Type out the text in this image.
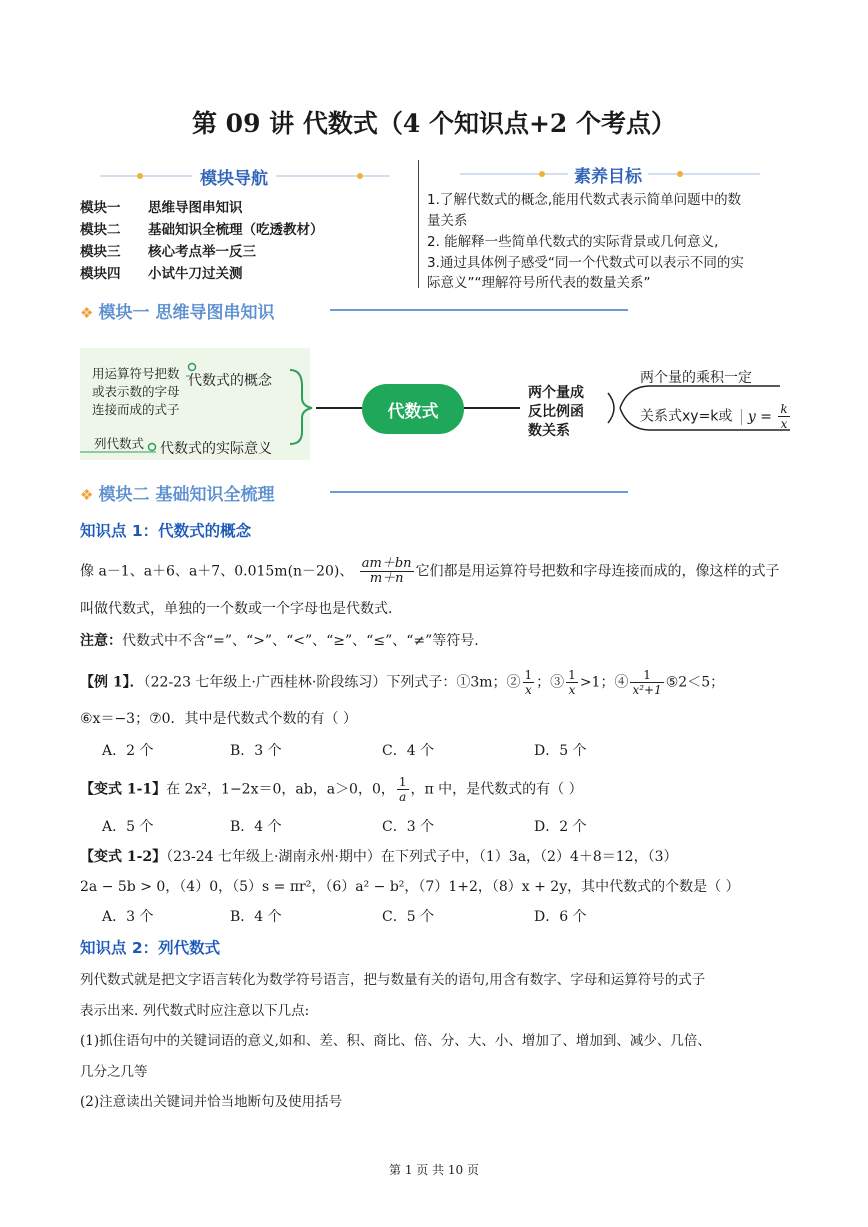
第 09 讲 代数式（4 个知识点+2 个考点）
模块导航
模块一 思维导图串知识
模块二 基础知识全梳理（吃透教材）
模块三 核心考点举一反三
模块四 小试牛刀过关测
素养目标
1.了解代数式的概念,能用代数式表示简单问题中的数
量关系
2. 能解释一些简单代数式的实际背景或几何意义,
3.通过具体例子感受“同一个代数式可以表示不同的实
际意义”“理解符号所代表的数量关系”
❖ 模块一 思维导图串知识
用运算符号把数
或表示数的字母
连接而成的式子
代数式的概念
列代数式 代数式的实际意义
代数式
两个量成
反比例函
数关系
两个量的乘积一定
关系式xy=k或 $y = \frac{k}{x}$
❖ 模块二 基础知识全梳理
知识点 1：代数式的概念
像 a－1、a＋6、a＋7、0.015m(n－20)、 $\frac{am+bn}{m+n}$ 它们都是用运算符号把数和字母连接而成的，像这样的式子
叫做代数式，单独的一个数或一个字母也是代数式.
注意：代数式中不含“=”、“>”、“<”、“≥”、“≤”、“≠”等符号.
【例 1】．（22-23 七年级上·广西桂林·阶段练习）下列式子：①3m；② $\frac{1}{x}$ ；③ $\frac{1}{x} >1$；④ $\frac{1}{\text{x²+1}}$ ⑤2＜5；
⑥x＝−3；⑦0．其中是代数式个数的有（ ）
A．2 个	B．3 个	C．4 个	D．5 个
【变式 1-1】在 2x²，1−2x＝0，ab，a＞0，0， $\frac{1}{a}$ ，π 中，是代数式的有（ ）
A．5 个	B．4 个	C．3 个	D．2 个
【变式 1-2】（23-24 七年级上·湖南永州·期中）在下列式子中，（1）3a，（2）4＋8＝12，（3）
2a − 5b > 0，（4）0，（5）s = πr²，（6）a² − b²，（7）1+2，（8）x + 2y，其中代数式的个数是（ ）
A．3 个	B．4 个	C．5 个	D．6 个
知识点 2：列代数式
列代数式就是把文字语言转化为数学符号语言，把与数量有关的语句,用含有数字、字母和运算符号的式子
表示出来. 列代数式时应注意以下几点:
(1)抓住语句中的关键词语的意义,如和、差、积、商比、倍、分、大、小、增加了、增加到、减少、几倍、
几分之几等
(2)注意读出关键词并恰当地断句及使用括号
第 1 页 共 10 页
